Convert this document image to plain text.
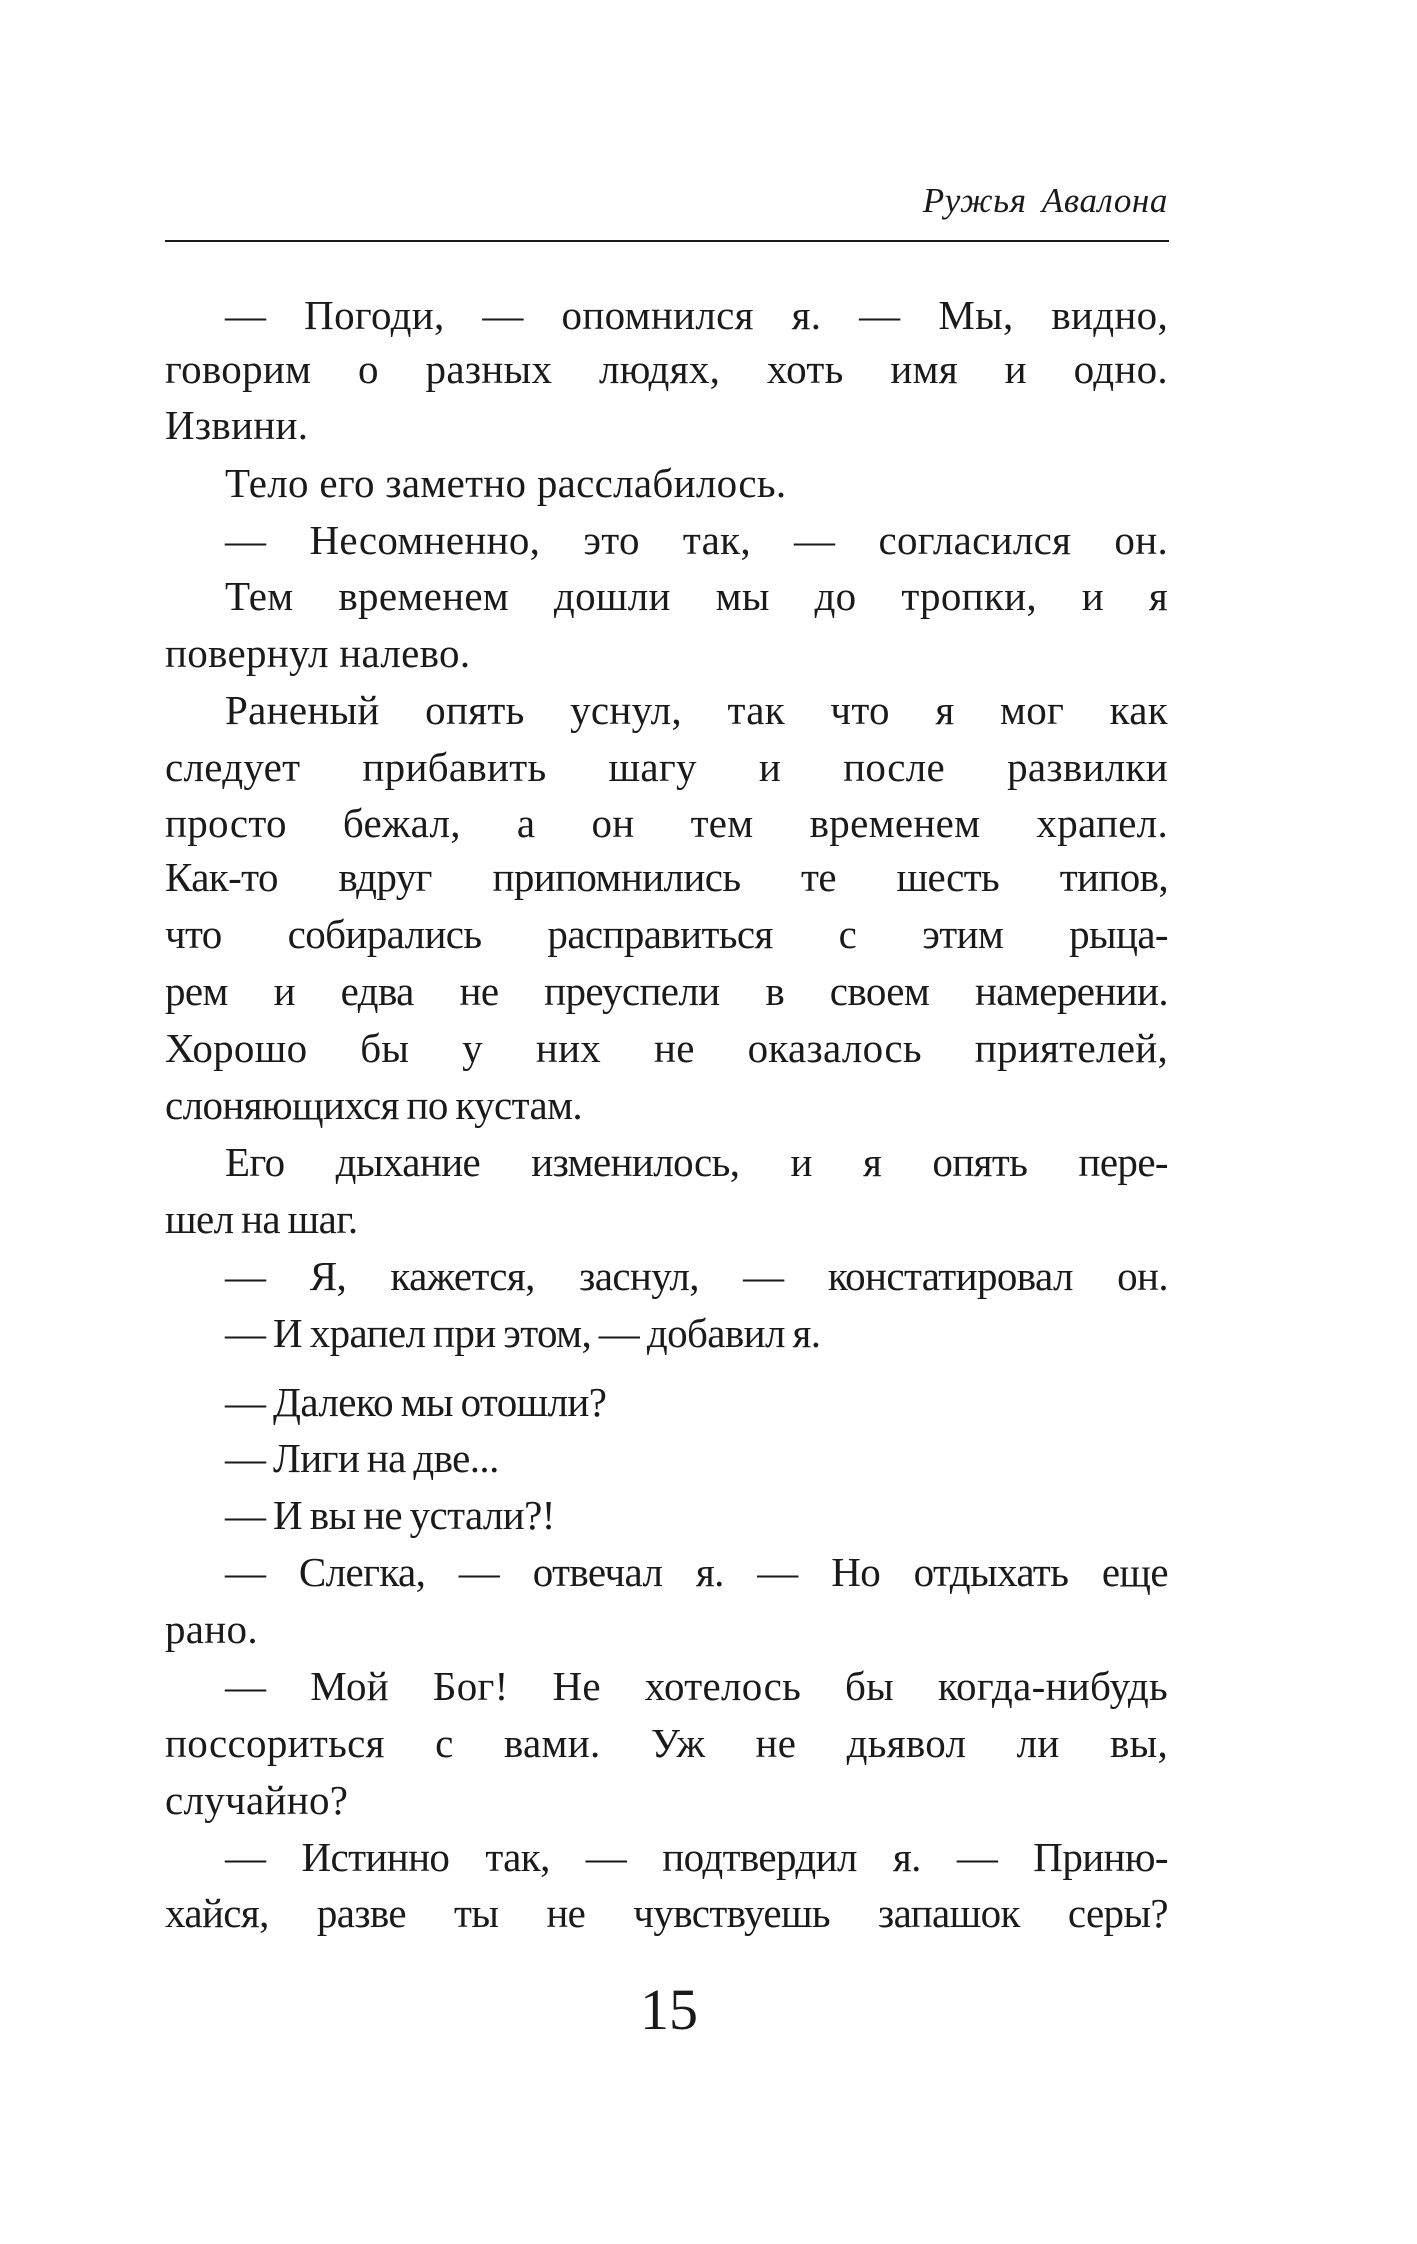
Ружья Авалона
— Погоди, — опомнился я. — Мы, видно,
говорим о разных людях, хоть имя и одно.
Извини.
Тело его заметно расслабилось.
— Несомненно, это так, — согласился он.
Тем временем дошли мы до тропки, и я
повернул налево.
Раненый опять уснул, так что я мог как
следует прибавить шагу и после развилки
просто бежал, а он тем временем храпел.
Как-то вдруг припомнились те шесть типов,
что собирались расправиться с этим рыца-
рем и едва не преуспели в своем намерении.
Хорошо бы у них не оказалось приятелей,
слоняющихся по кустам.
Его дыхание изменилось, и я опять пере-
шел на шаг.
— Я, кажется, заснул, — констатировал он.
— И храпел при этом, — добавил я.
— Далеко мы отошли?
— Лиги на две...
— И вы не устали?!
— Слегка, — отвечал я. — Но отдыхать еще
рано.
— Мой Бог! Не хотелось бы когда-нибудь
поссориться с вами. Уж не дьявол ли вы,
случайно?
— Истинно так, — подтвердил я. — Приню-
хайся, разве ты не чувствуешь запашок серы?
15
